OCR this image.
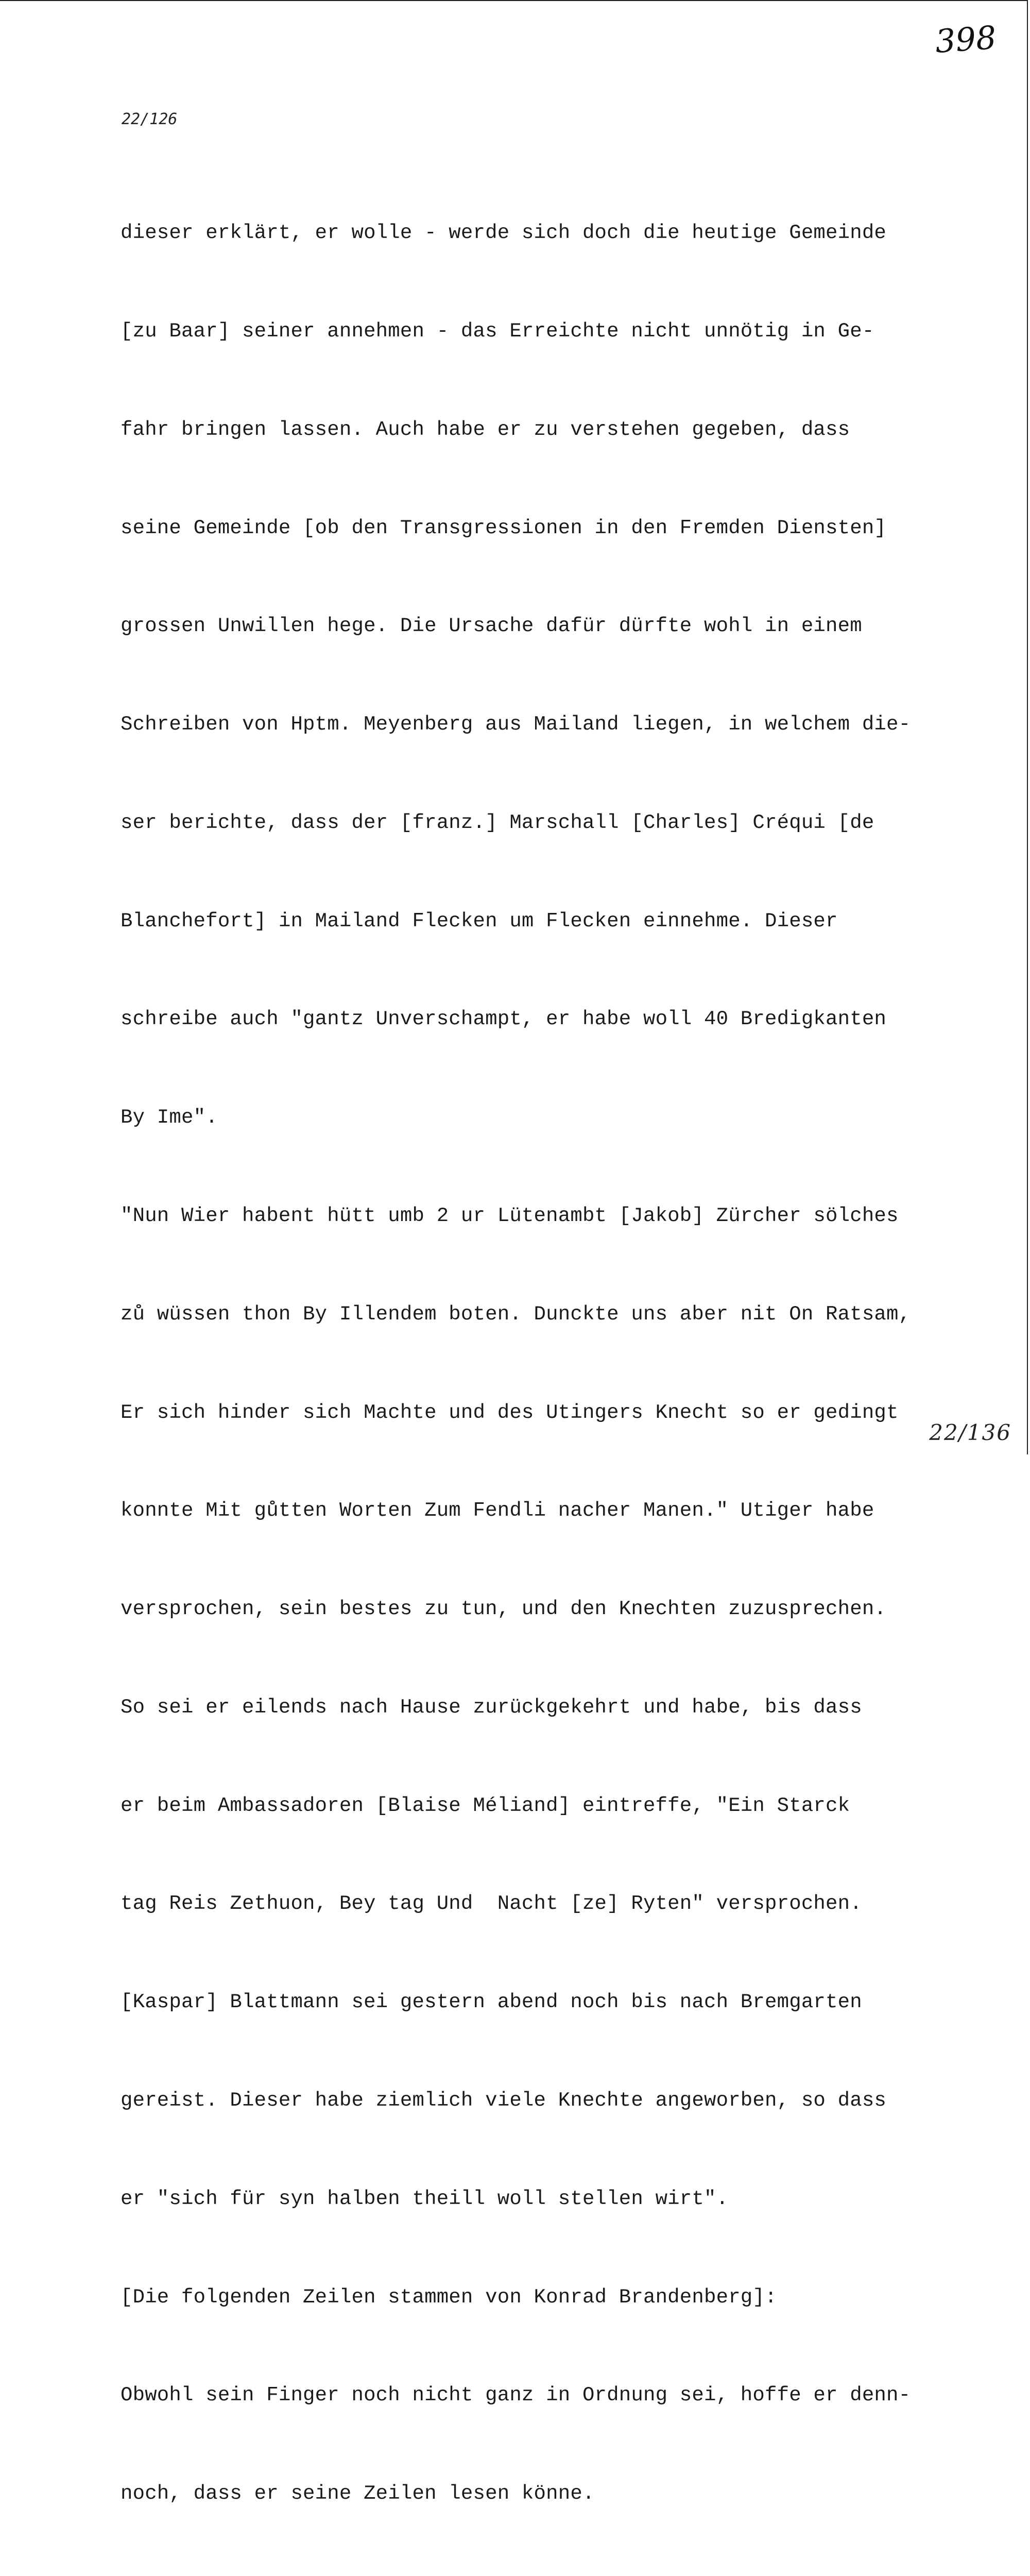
398
22/126

dieser erklärt, er wolle - werde sich doch die heutige Gemeinde

[zu Baar] seiner annehmen - das Erreichte nicht unnötig in Ge-

fahr bringen lassen. Auch habe er zu verstehen gegeben, dass

seine Gemeinde [ob den Transgressionen in den Fremden Diensten]

grossen Unwillen hege. Die Ursache dafür dürfte wohl in einem

Schreiben von Hptm. Meyenberg aus Mailand liegen, in welchem die-

ser berichte, dass der [franz.] Marschall [Charles] Créqui [de

Blanchefort] in Mailand Flecken um Flecken einnehme. Dieser

schreibe auch "gantz Unverschampt, er habe woll 40 Bredigkanten

By Ime".

"Nun Wier habent hütt umb 2 ur Lütenambt [Jakob] Zürcher sölches

zů wüssen thon By Illendem boten. Dunckte uns aber nit On Ratsam,

Er sich hinder sich Machte und des Utingers Knecht so er gedingt

konnte Mit gůtten Worten Zum Fendli nacher Manen." Utiger habe

versprochen, sein bestes zu tun, und den Knechten zuzusprechen.

So sei er eilends nach Hause zurückgekehrt und habe, bis dass

er beim Ambassadoren [Blaise Méliand] eintreffe, "Ein Starck

tag Reis Zethuon, Bey tag Und  Nacht [ze] Ryten" versprochen.

[Kaspar] Blattmann sei gestern abend noch bis nach Bremgarten

gereist. Dieser habe ziemlich viele Knechte angeworben, so dass

er "sich für syn halben theill woll stellen wirt".

[Die folgenden Zeilen stammen von Konrad Brandenberg]:

Obwohl sein Finger noch nicht ganz in Ordnung sei, hoffe er denn-

noch, dass er seine Zeilen lesen könne.

22/136
